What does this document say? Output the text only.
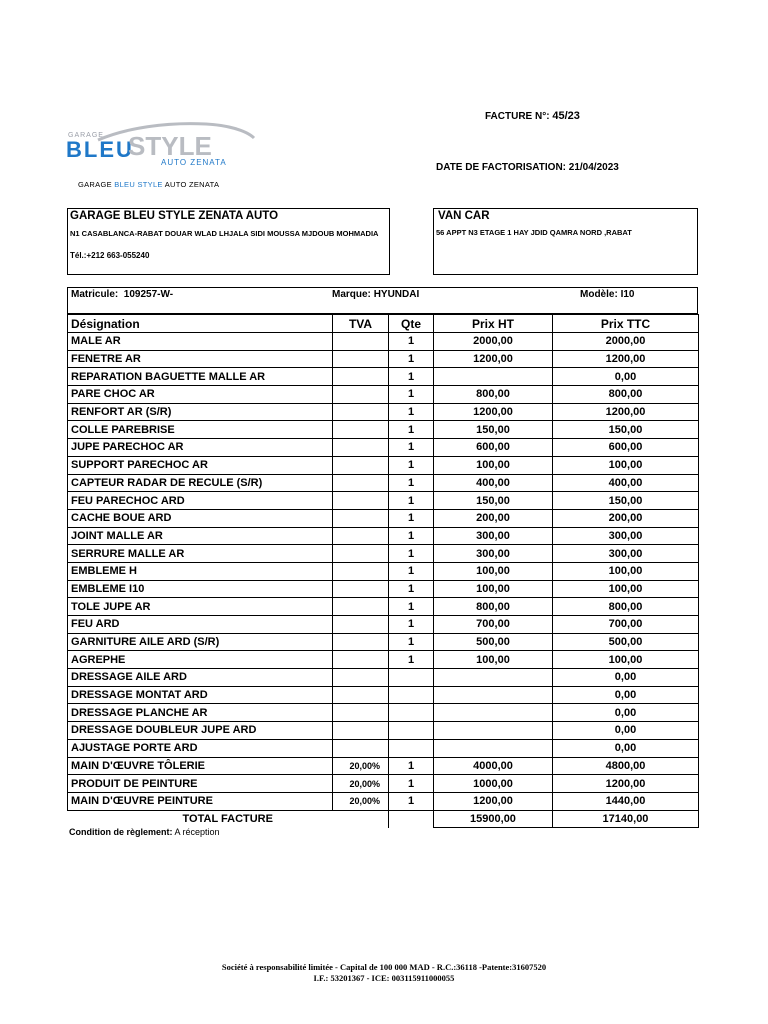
GARAGE
BLEU
STYLE
AUTO ZENATA
GARAGE BLEU STYLE AUTO ZENATA
FACTURE N°: 45/23
DATE DE FACTORISATION: 21/04/2023
GARAGE BLEU STYLE ZENATA AUTO
N1 CASABLANCA-RABAT DOUAR WLAD LHJALA SIDI MOUSSA MJDOUB MOHMADIA
Tél.:+212 663-055240
VAN CAR
56 APPT N3 ETAGE 1 HAY JDID QAMRA NORD ,RABAT
Matricule: 109257-W-	Marque: HYUNDAI	Modèle: I10
Désignation	TVA	Qte	Prix HT	Prix TTC
MALE AR		1	2000,00	2000,00
FENETRE AR		1	1200,00	1200,00
REPARATION BAGUETTE MALLE AR		1		0,00
PARE CHOC AR		1	800,00	800,00
RENFORT AR (S/R)		1	1200,00	1200,00
COLLE PAREBRISE		1	150,00	150,00
JUPE PARECHOC AR		1	600,00	600,00
SUPPORT PARECHOC AR		1	100,00	100,00
CAPTEUR RADAR DE RECULE (S/R)		1	400,00	400,00
FEU PARECHOC ARD		1	150,00	150,00
CACHE BOUE ARD		1	200,00	200,00
JOINT MALLE AR		1	300,00	300,00
SERRURE MALLE AR		1	300,00	300,00
EMBLEME H		1	100,00	100,00
EMBLEME I10		1	100,00	100,00
TOLE JUPE AR		1	800,00	800,00
FEU ARD		1	700,00	700,00
GARNITURE AILE ARD (S/R)		1	500,00	500,00
AGREPHE		1	100,00	100,00
DRESSAGE AILE ARD				0,00
DRESSAGE MONTAT ARD				0,00
DRESSAGE PLANCHE AR				0,00
DRESSAGE DOUBLEUR JUPE ARD				0,00
AJUSTAGE PORTE ARD				0,00
MAIN D'ŒUVRE TÔLERIE	20,00%	1	4000,00	4800,00
PRODUIT DE PEINTURE	20,00%	1	1000,00	1200,00
MAIN D'ŒUVRE PEINTURE	20,00%	1	1200,00	1440,00
TOTAL FACTURE			15900,00	17140,00
Condition de règlement: A réception
Société à responsabilité limitée - Capital de 100 000 MAD - R.C.:36118 -Patente:31607520
I.F.: 53201367 - ICE: 003115911000055
